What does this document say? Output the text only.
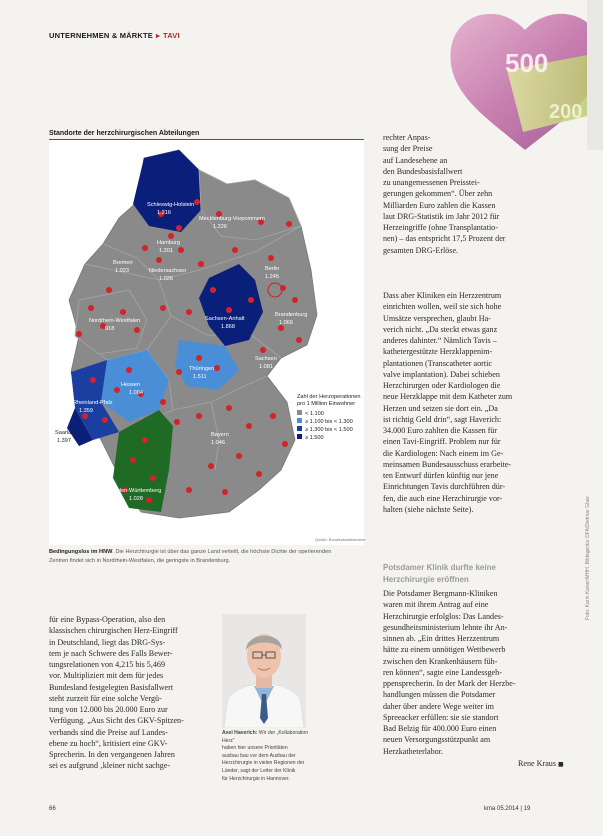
UNTERNEHMEN & MÄRKTE ▸ TAVI
500
200
Standorte der herzchirurgischen Abteilungen
Schleswig-Holstein
1.316
Mecklenburg-Vorpommern
1.226
Hamburg
1.201
Bremen
1.023	Niedersachsen
1.026
Berlin
1.245
Brandenburg
1.066
Sachsen-Anhalt
1.868
Nordrhein-Westfalen
918
Sachsen
1.081
Thüringen
1.511
Hessen
1.004
Rheinland-Pfalz
1.359
Saarland
1.397
Bayern
1.046
Baden-Württemberg
1.028
Zahl der Herzoperationen
pro 1 Million Einwohner
< 1.100
≥ 1.100 bis < 1.300
≥ 1.300 bis < 1.500
≥ 1.500
Quelle: Bundesärztekammer
Bedingungslos im HNW. Die Herzchirurgie ist über das ganze Land verteilt, die höchste Dichte der operierenden
Zentren findet sich in Nordrhein-Westfalen, die geringste in Brandenburg.
rechter Anpas-
sung der Preise
auf Landesebene an
den Bundesbasisfallwert
zu unangemessenen Preisstei-
gerungen gekommen“. Über zehn
Milliarden Euro zahlen die Kassen
laut DRG-Statistik im Jahr 2012 für
Herzeingriffe (ohne Transplantatio-
nen) – das entspricht 17,5 Prozent der
gesamten DRG-Erlöse.
Dass aber Kliniken ein Herzzentrum
einrichten wollen, weil sie sich hohe
Umsätze versprechen, glaubt Ha-
verich nicht. „Da steckt etwas ganz
anderes dahinter.“ Nämlich Tavis –
kathetergestützte Herzklappenim-
plantationen (Transcatheter aortic
valve implantation). Dabei schieben
Herzchirurgen oder Kardiologen die
neue Herzklappe mit dem Katheter zum
Herzen und setzen sie dort ein. „Da
ist richtig Geld drin“, sagt Haverich:
34.000 Euro zahlten die Kassen für
einen Tavi-Eingriff. Problem nur für
die Kardiologen: Nach einem im Ge-
meinsamen Bundesausschuss erarbeite-
ten Entwurf dürfen künftig nur jene
Einrichtungen Tavis durchführen dür-
fen, die auch eine Herzchirurgie vor-
halten (siehe nächste Seite).
Potsdamer Klinik durfte keine
Herzchirurgie eröffnen
Die Potsdamer Bergmann-Kliniken
waren mit ihrem Antrag auf eine
Herzchirurgie erfolglos: Das Landes-
gesundheitsministerium lehnte ihr An-
sinnen ab. „Ein drittes Herzzentrum
hätte zu einem unnötigen Wettbewerb
zwischen den Krankenhäusern füh-
ren können“, sagte eine Landessgeh-
ppensprecherin. In der Mark der Herzbe-
handlungen müssen die Potsdamer
daher über andere Wege weiter im
Spreeacker erfüllen: sie sie standort
Bad Belzig für 400.000 Euro einen
neuen Versorgungsstützpunkt am
Herzkatheterlabor.
Rene Kraus ■
für eine Bypass-Operation, also den
klassischen chirurgischen Herz-Eingriff
in Deutschland, liegt das DRG-Sys-
tem je nach Schwere des Falls Bewer-
tungsrelationen von 4,215 bis 5,469
vor. Multipliziert mit dem für jedes
Bundesland festgelegten Basisfallwert
steht zurzeit für eine solche Vergü-
tung von 12.000 bis 20.000 Euro zur
Verfügung. „Aus Sicht des GKV-Spitzen-
verbands sind die Preise auf Landes-
ebene zu hoch“, kritisiert eine GKV-
Sprecherin. In den vergangenen Jahren
sei es aufgrund ‚kleiner nicht sachge-
Axel Haverich: Wir der „Kollaboration Herz“
haben hier unsere Prioritäten
ausbau bau vor dem Ausbau der
Herzchirurgie in vielen Regionen der
Länder, sagt der Leiter der Klinik
für Herzchirurgie in Hannover.
Foto: Karin Kaiser/MHH, Bildagentur DFA/Dietmar Glaw
66	kma 05.2014 | 19
